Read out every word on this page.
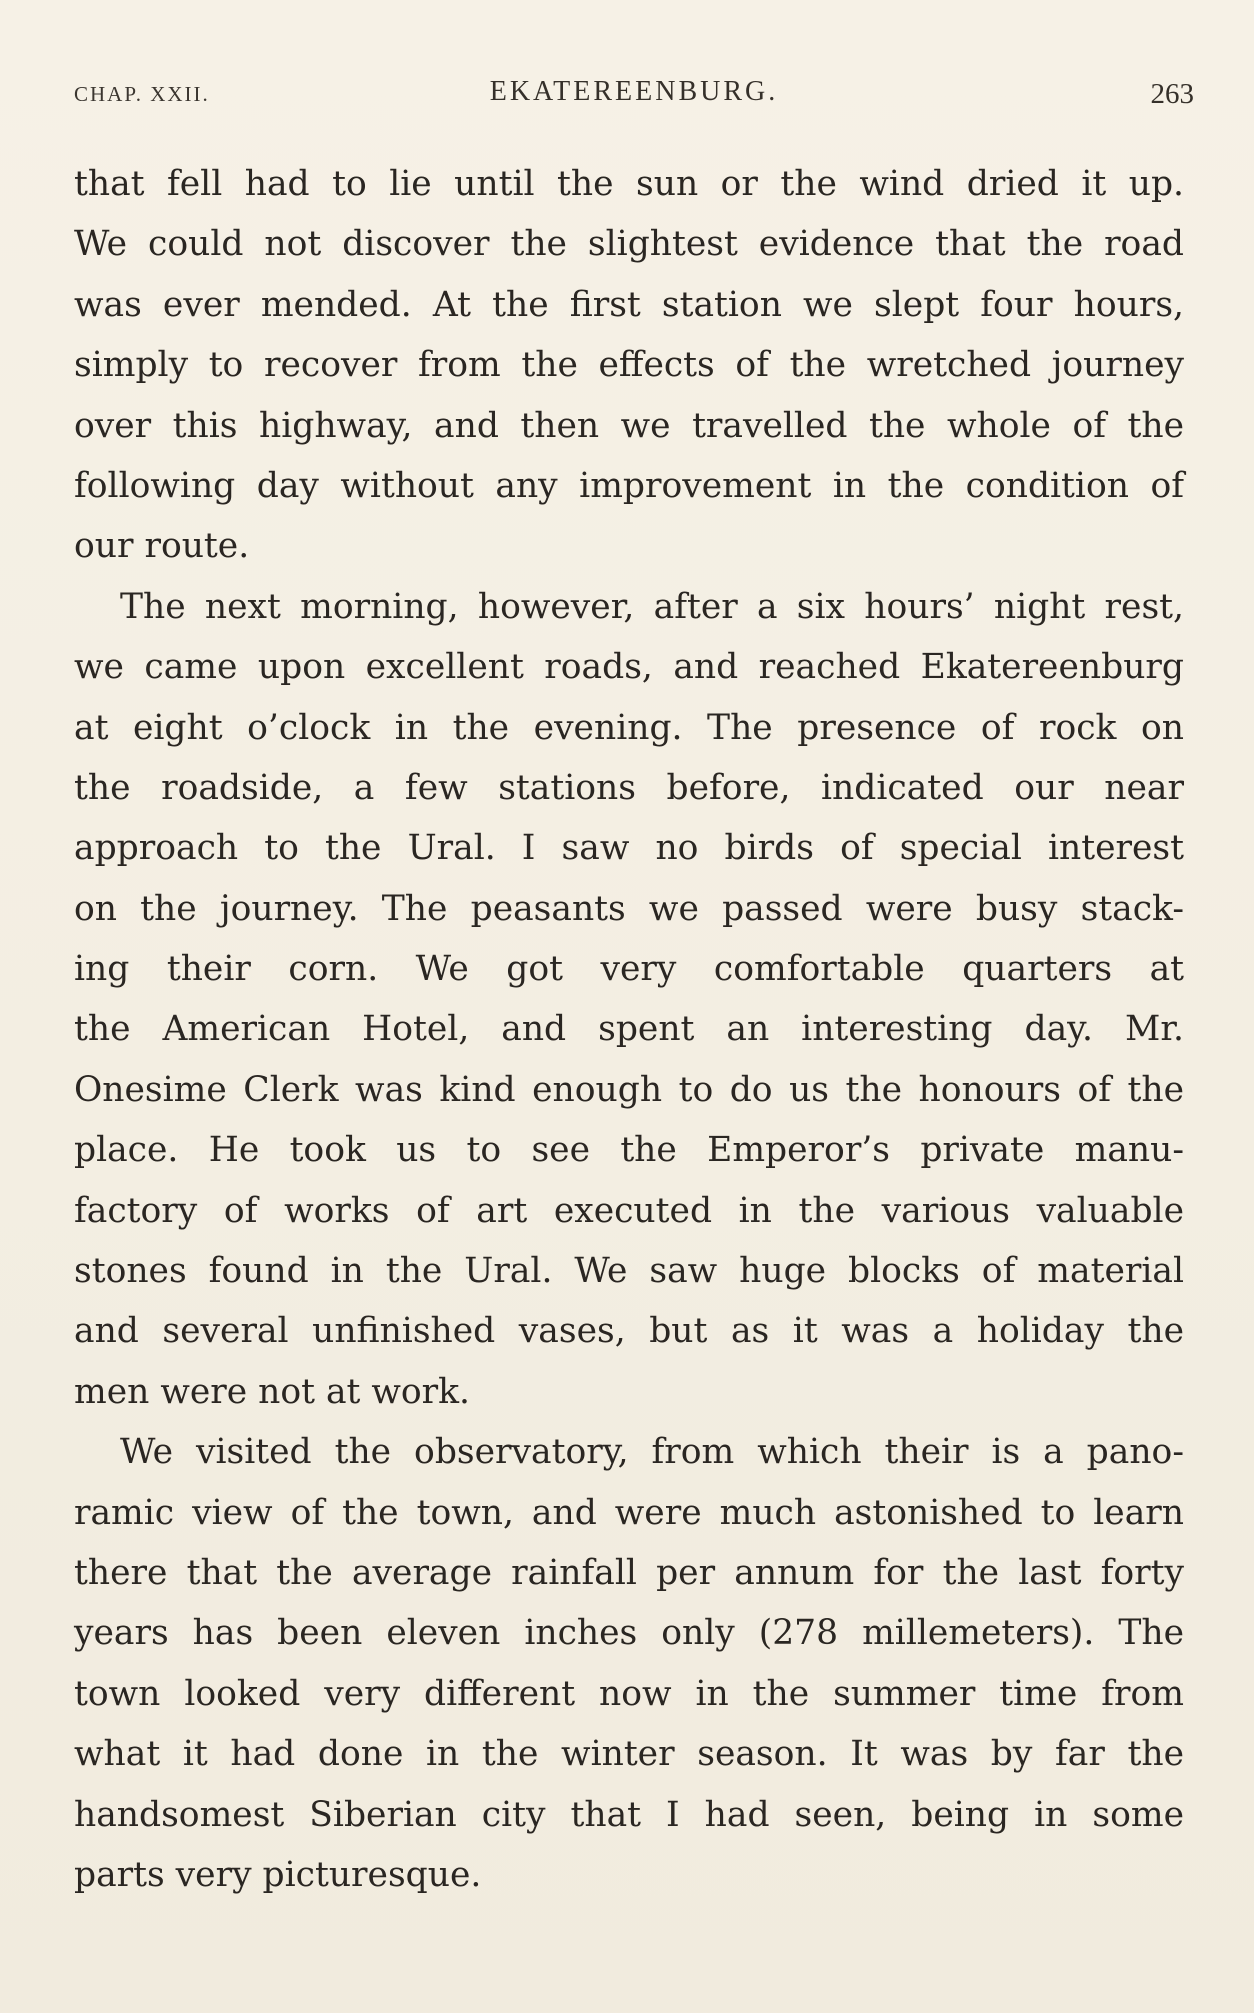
CHAP. XXII.	EKATEREENBURG.	263
that fell had to lie until the sun or the wind dried it up.
We could not discover the slightest evidence that the road
was ever mended. At the first station we slept four hours,
simply to recover from the effects of the wretched journey
over this highway, and then we travelled the whole of the
following day without any improvement in the condition of
our route.
The next morning, however, after a six hours’ night rest,
we came upon excellent roads, and reached Ekatereenburg
at eight o’clock in the evening. The presence of rock on
the roadside, a few stations before, indicated our near
approach to the Ural. I saw no birds of special interest
on the journey. The peasants we passed were busy stack-
ing their corn. We got very comfortable quarters at
the American Hotel, and spent an interesting day. Mr.
Onesime Clerk was kind enough to do us the honours of the
place. He took us to see the Emperor’s private manu-
factory of works of art executed in the various valuable
stones found in the Ural. We saw huge blocks of material
and several unfinished vases, but as it was a holiday the
men were not at work.
We visited the observatory, from which their is a pano-
ramic view of the town, and were much astonished to learn
there that the average rainfall per annum for the last forty
years has been eleven inches only (278 millemeters). The
town looked very different now in the summer time from
what it had done in the winter season. It was by far the
handsomest Siberian city that I had seen, being in some
parts very picturesque.
